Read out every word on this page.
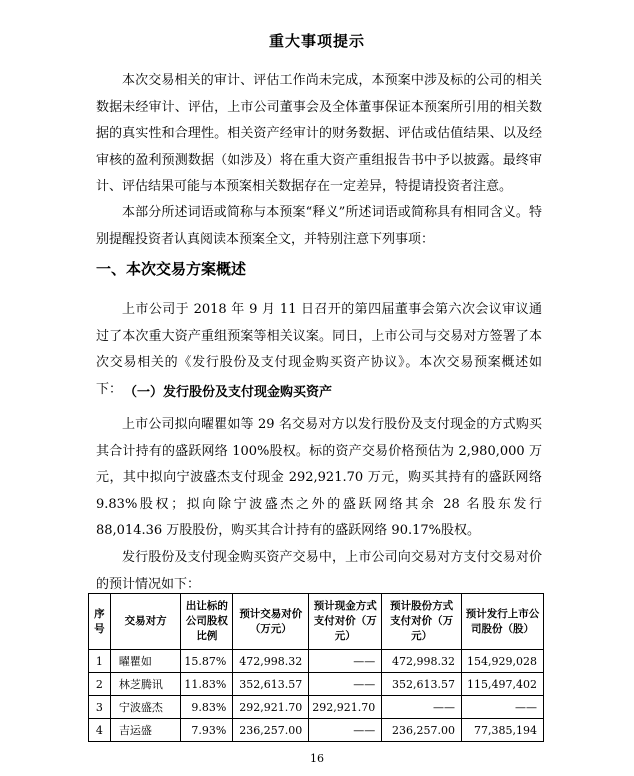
重大事项提示

本次交易相关的审计、评估工作尚未完成，本预案中涉及标的公司的相关数据未经审计、评估，上市公司董事会及全体董事保证本预案所引用的相关数据的真实性和合理性。相关资产经审计的财务数据、评估或估值结果、以及经审核的盈利预测数据（如涉及）将在重大资产重组报告书中予以披露。最终审计、评估结果可能与本预案相关数据存在一定差异，特提请投资者注意。

本部分所述词语或简称与本预案“释义”所述词语或简称具有相同含义。特别提醒投资者认真阅读本预案全文，并特别注意下列事项：

一、本次交易方案概述

上市公司于 2018 年 9 月 11 日召开的第四届董事会第六次会议审议通过了本次重大资产重组预案等相关议案。同日，上市公司与交易对方签署了本次交易相关的《发行股份及支付现金购买资产协议》。本次交易预案概述如下： （一）发行股份及支付现金购买资产

上市公司拟向曜瞿如等 29 名交易对方以发行股份及支付现金的方式购买其合计持有的盛跃网络 100%股权。标的资产交易价格预估为 2,980,000 万元，其中拟向宁波盛杰支付现金 292,921.70 万元，购买其持有的盛跃网络 9.83%股权；拟向除宁波盛杰之外的盛跃网络其余 28 名股东发行 88,014.36 万股股份，购买其合计持有的盛跃网络 90.17%股权。

发行股份及支付现金购买资产交易中，上市公司向交易对方支付交易对价的预计情况如下：

序号	交易对方	出让标的公司股权比例	预计交易对价（万元）	预计现金方式支付对价（万元）	预计股份方式支付对价（万元）	预计发行上市公司股份（股）
1	曜瞿如	15.87%	472,998.32	——	472,998.32	154,929,028
2	林芝腾讯	11.83%	352,613.57	——	352,613.57	115,497,402
3	宁波盛杰	9.83%	292,921.70	292,921.70	——	——
4	吉运盛	7.93%	236,257.00	——	236,257.00	77,385,194
16
